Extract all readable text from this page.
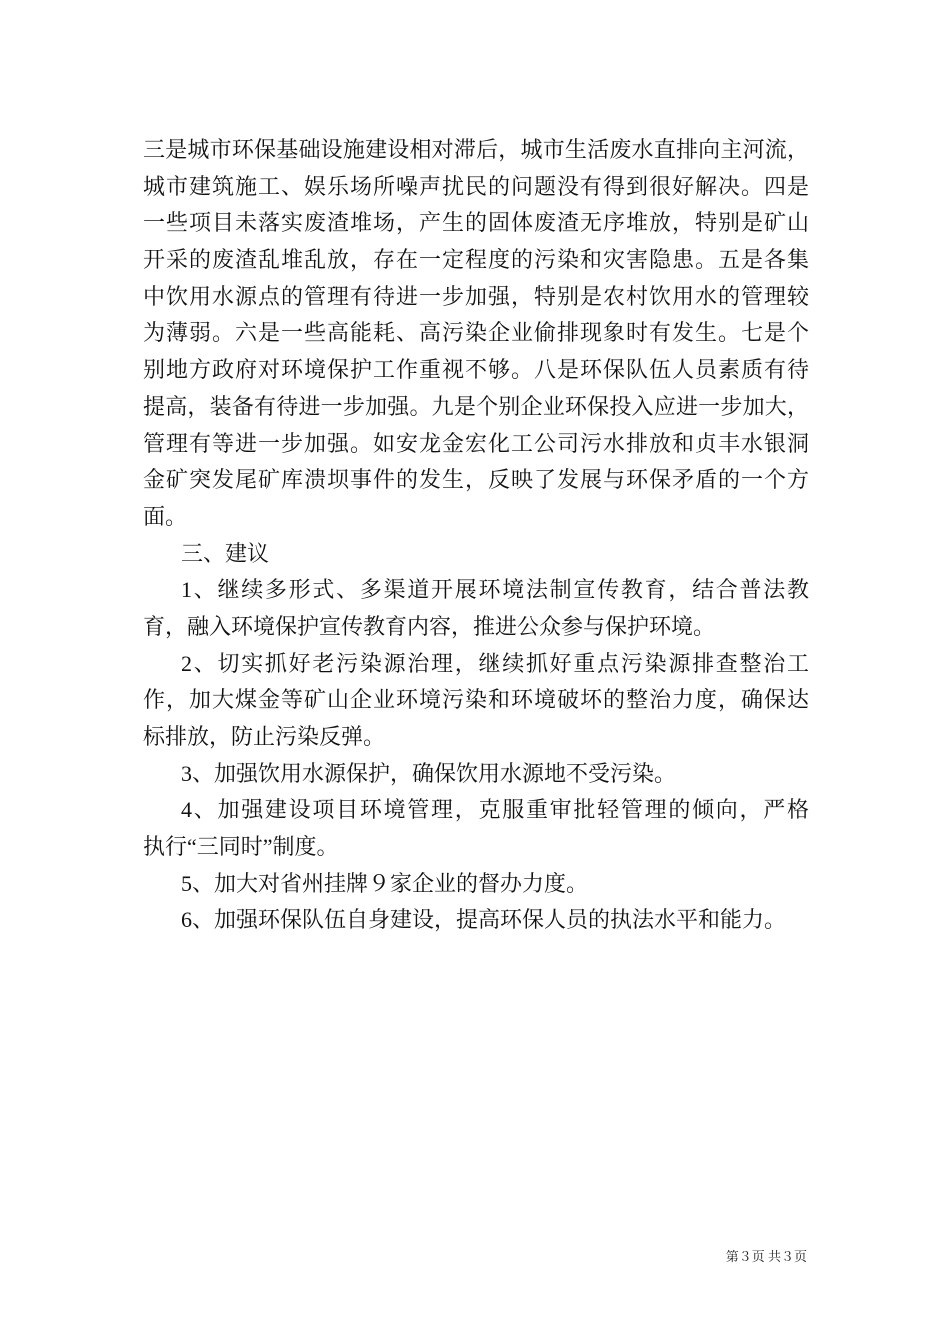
三是城市环保基础设施建设相对滞后，城市生活废水直排向主河流，
城市建筑施工、娱乐场所噪声扰民的问题没有得到很好解决。四是
一些项目未落实废渣堆场，产生的固体废渣无序堆放，特别是矿山
开采的废渣乱堆乱放，存在一定程度的污染和灾害隐患。五是各集
中饮用水源点的管理有待进一步加强，特别是农村饮用水的管理较
为薄弱。六是一些高能耗、高污染企业偷排现象时有发生。七是个
别地方政府对环境保护工作重视不够。八是环保队伍人员素质有待
提高，装备有待进一步加强。九是个别企业环保投入应进一步加大，
管理有等进一步加强。如安龙金宏化工公司污水排放和贞丰水银洞
金矿突发尾矿库溃坝事件的发生，反映了发展与环保矛盾的一个方
面。
三、建议
1、继续多形式、多渠道开展环境法制宣传教育，结合普法教
育，融入环境保护宣传教育内容，推进公众参与保护环境。
2、切实抓好老污染源治理，继续抓好重点污染源排查整治工
作，加大煤金等矿山企业环境污染和环境破坏的整治力度，确保达
标排放，防止污染反弹。
3、加强饮用水源保护，确保饮用水源地不受污染。
4、加强建设项目环境管理，克服重审批轻管理的倾向，严格
执行“三同时”制度。
5、加大对省州挂牌９家企业的督办力度。
6、加强环保队伍自身建设，提高环保人员的执法水平和能力。
第３页 共３页
